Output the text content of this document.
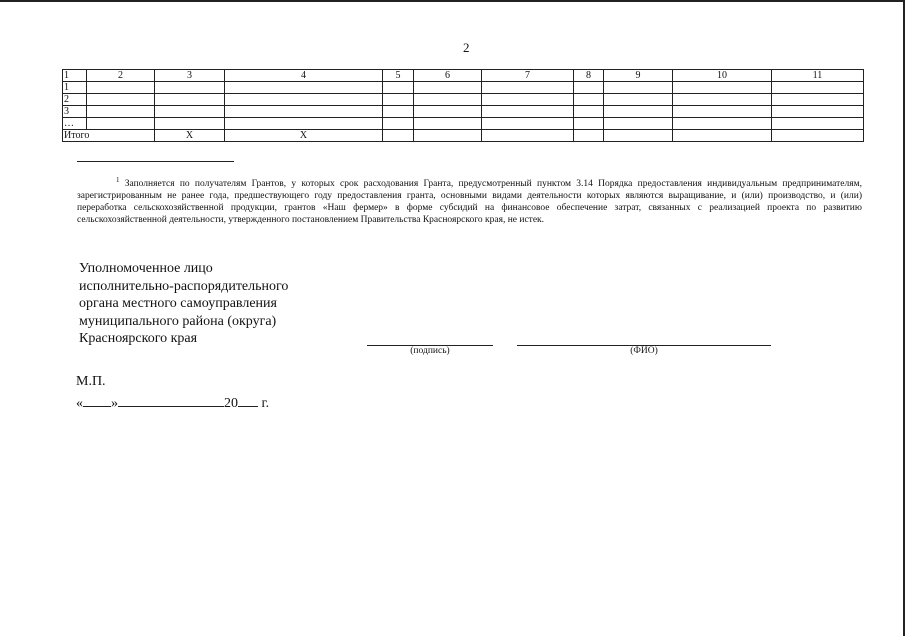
2
1	2	3	4	5	6	7	8	9	10	11
1										
2										
3										
…										
Итого		Х	Х							
$^1$ Заполняется по получателям Грантов, у которых срок расходования Гранта, предусмотренный пунктом 3.14 Порядка предоставления индивидуальным предпринимателям, зарегистрированным не ранее года, предшествующего году предоставления гранта, основными видами деятельности которых являются выращивание, и (или) производство, и (или) переработка сельскохозяйственной продукции, грантов «Наш фермер» в форме субсидий на финансовое обеспечение затрат, связанных с реализацией проекта по развитию сельскохозяйственной деятельности, утвержденного постановлением Правительства Красноярского края, не истек.
Уполномоченное лицо
исполнительно-распорядительного
органа местного самоуправления
муниципального района (округа)
Красноярского края
(подпись)	(ФИО)
М.П.
« »	20 г.
